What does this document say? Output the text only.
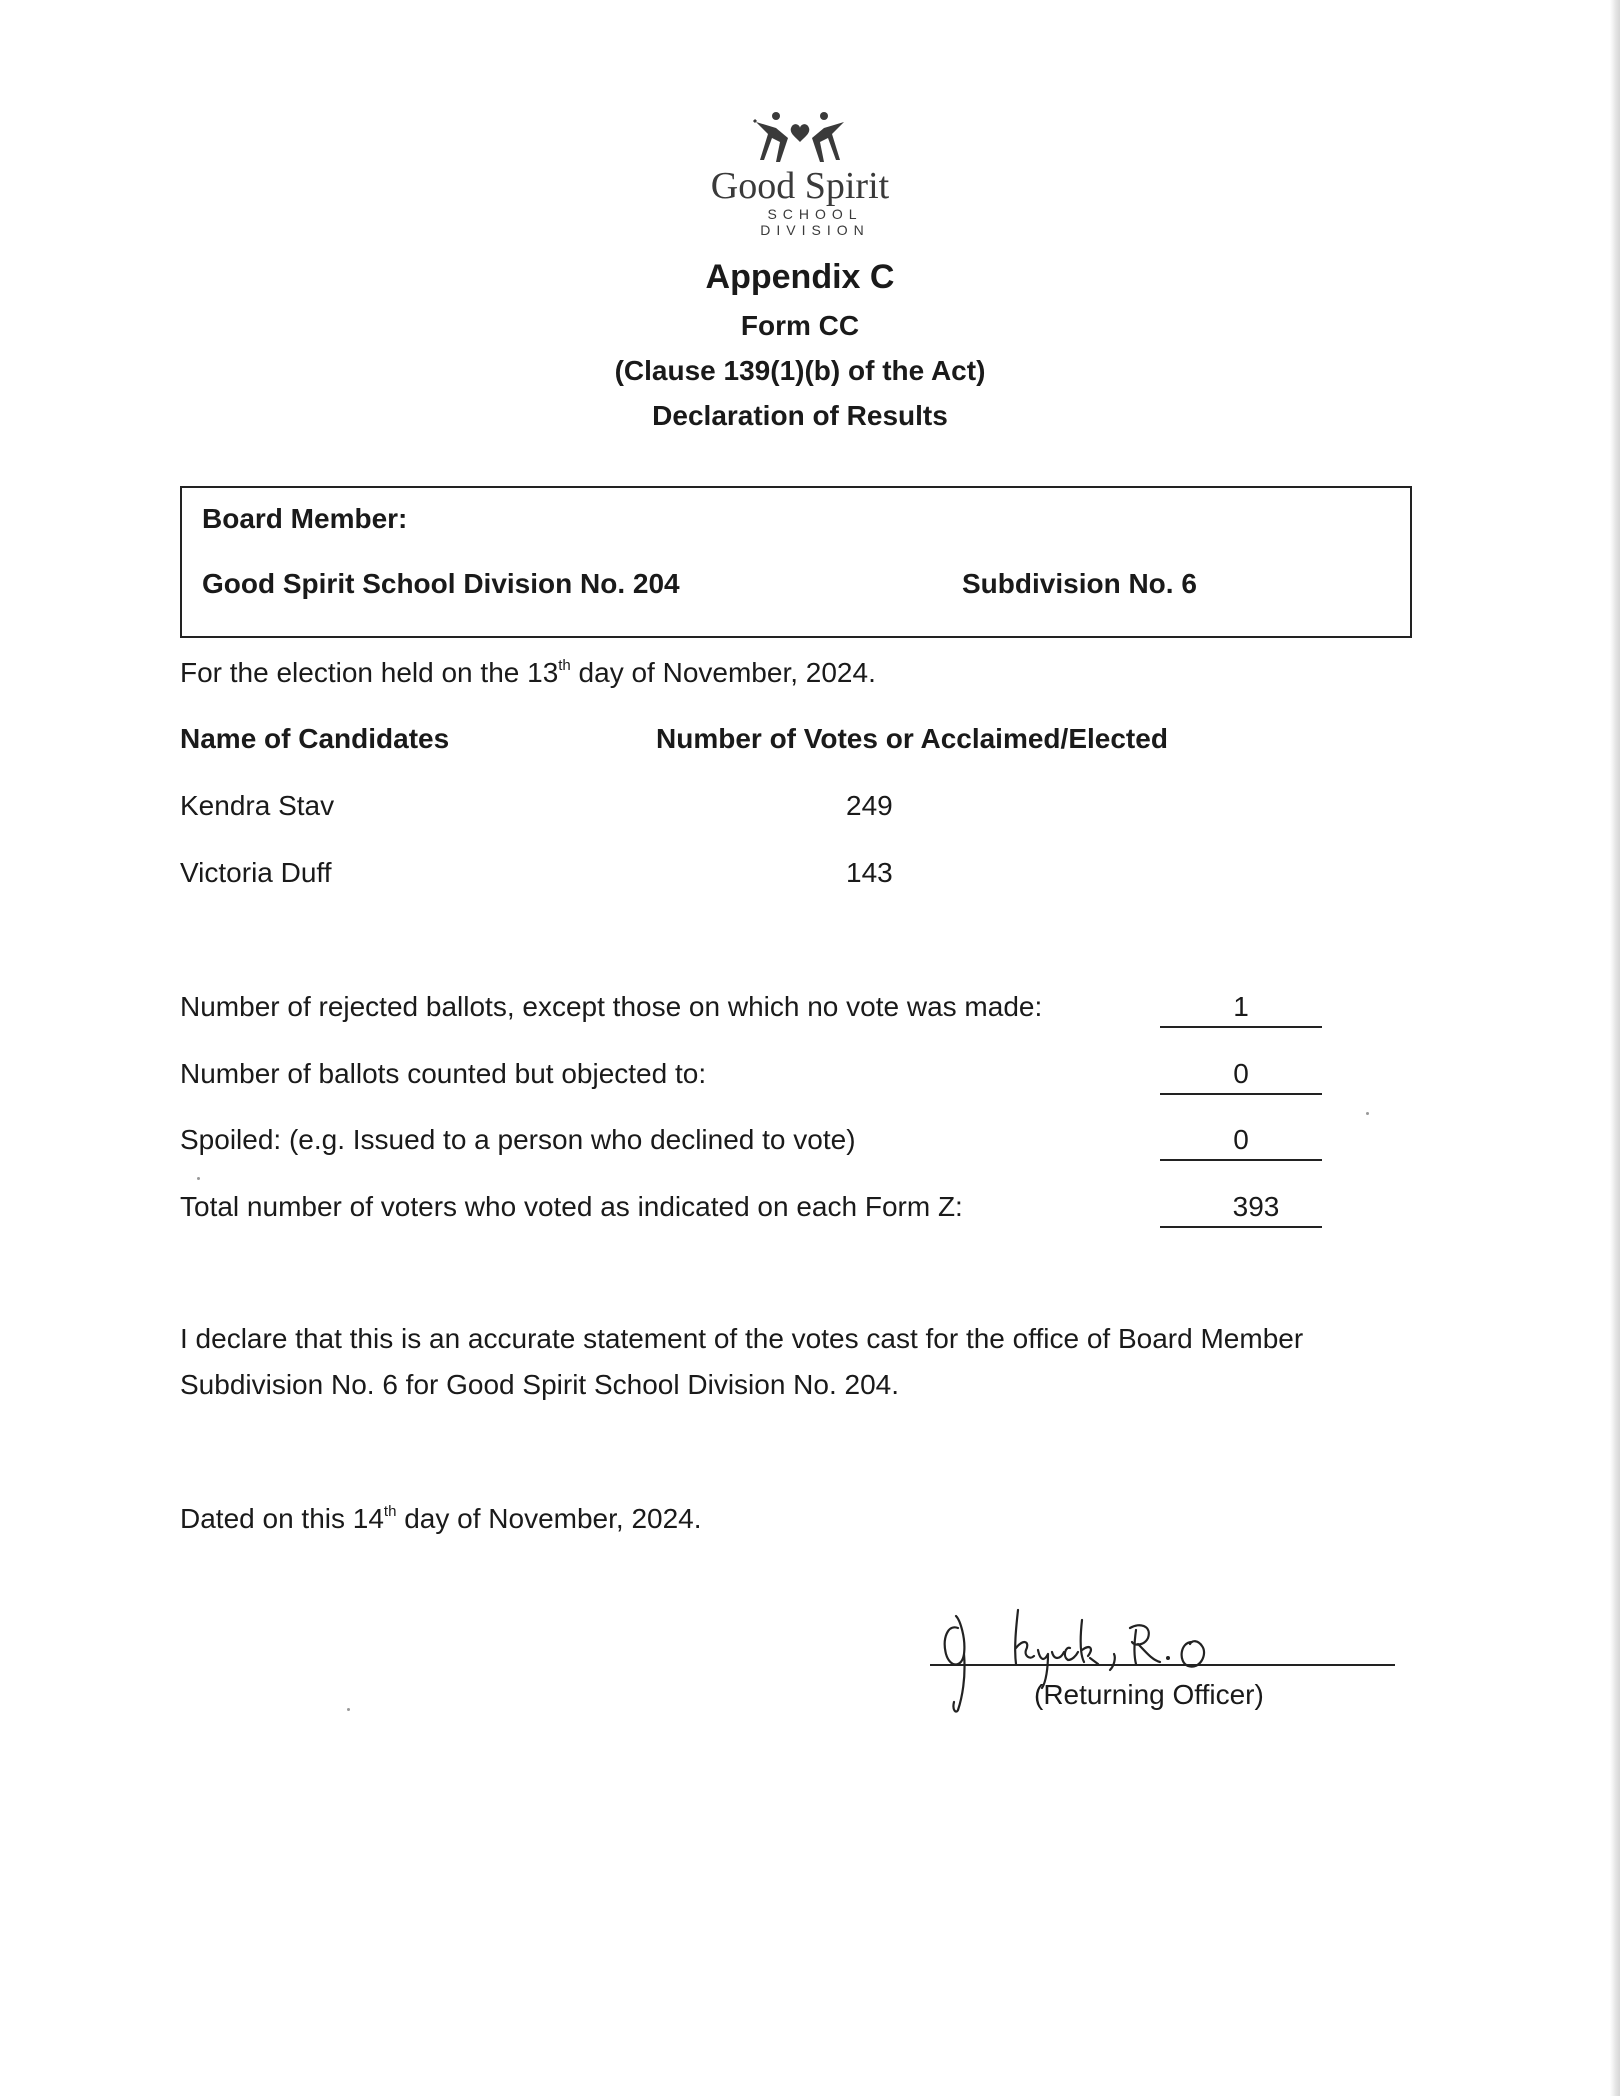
Good Spirit
SCHOOL DIVISION
Appendix C
Form CC
(Clause 139(1)(b) of the Act)
Declaration of Results
Board Member:
Good Spirit School Division No. 204	Subdivision No. 6
For the election held on the 13th day of November, 2024.
Name of Candidates	Number of Votes or Acclaimed/Elected
Kendra Stav	249
Victoria Duff	143
Number of rejected ballots, except those on which no vote was made:	1
Number of ballots counted but objected to:	0
Spoiled: (e.g. Issued to a person who declined to vote)	0
Total number of voters who voted as indicated on each Form Z:	393
I declare that this is an accurate statement of the votes cast for the office of Board Member
Subdivision No. 6 for Good Spirit School Division No. 204.
Dated on this 14th day of November, 2024.
(Returning Officer)
